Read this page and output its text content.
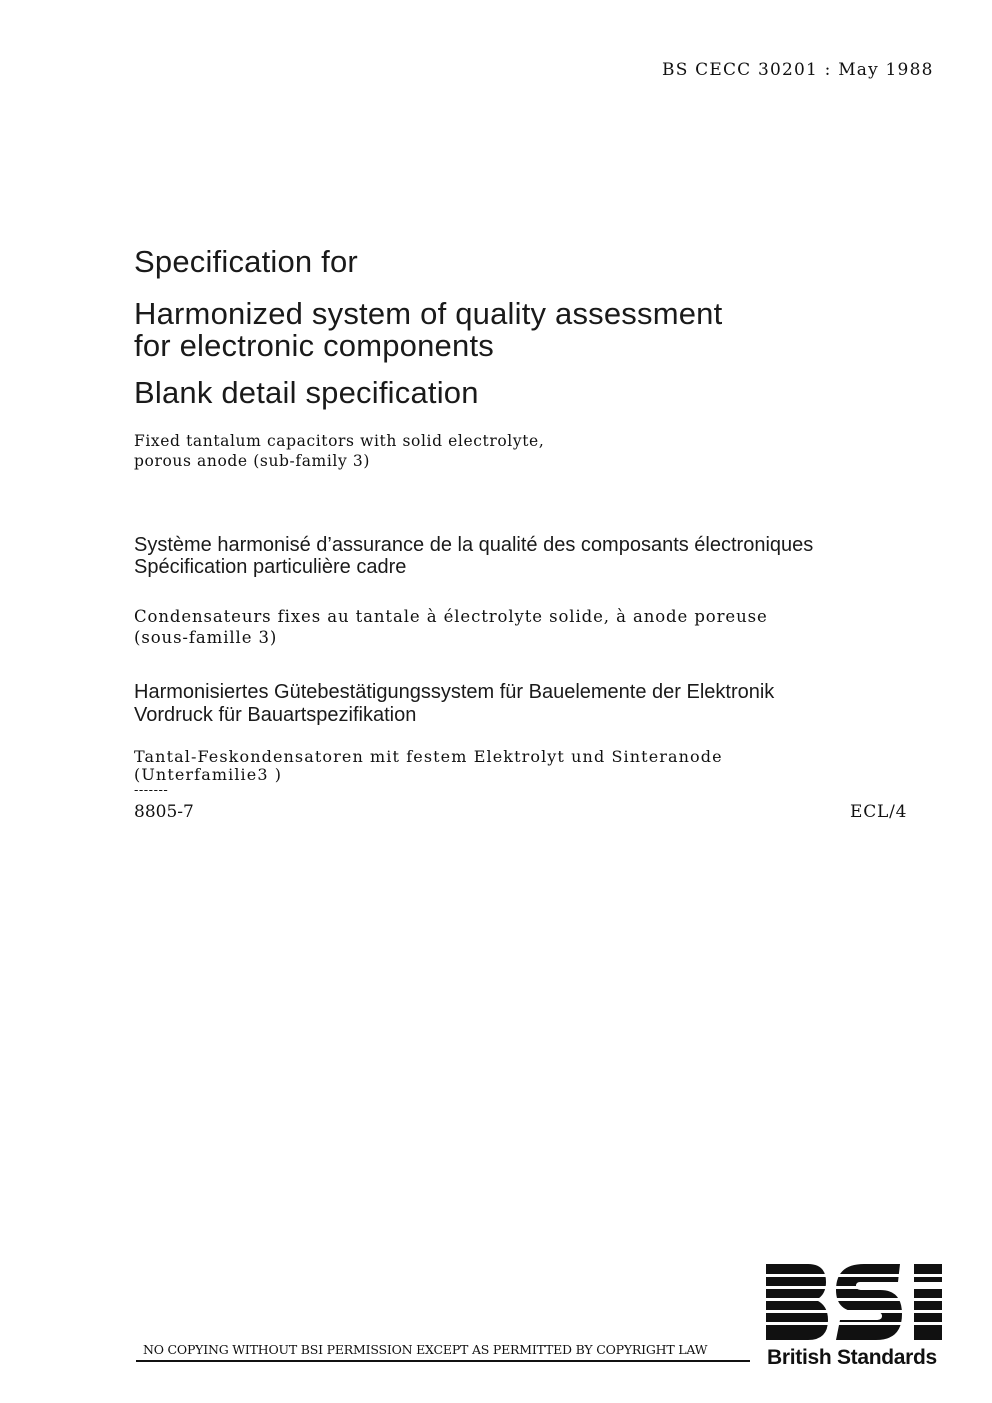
BS CECC 30201 : May 1988
Specification for
Harmonized system of quality assessment
for electronic components
Blank detail specification
Fixed tantalum capacitors with solid electrolyte,
porous anode (sub-family 3)
Système harmonisé d’assurance de la qualité des composants électroniques
Spécification particulière cadre
Condensateurs fixes au tantale à électrolyte solide, à anode poreuse
(sous-famille 3)
Harmonisiertes Gütebestätigungssystem für Bauelemente der Elektronik
Vordruck für Bauartspezifikation
Tantal-Feskondensatoren mit festem Elektrolyt und Sinteranode
(Unterfamilie3 )
-------
8805-7	ECL/4
NO COPYING WITHOUT BSI PERMISSION EXCEPT AS PERMITTED BY COPYRIGHT LAW	British Standards
